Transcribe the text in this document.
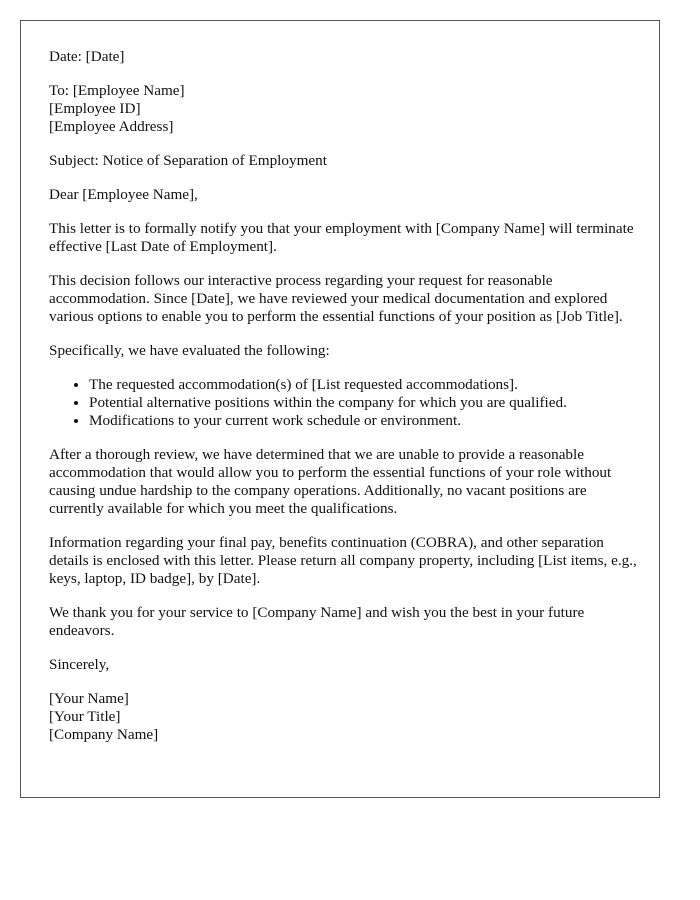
Date: [Date]

To: [Employee Name]
[Employee ID]
[Employee Address]

Subject: Notice of Separation of Employment

Dear [Employee Name],

This letter is to formally notify you that your employment with [Company Name] will terminate effective [Last Date of Employment].

This decision follows our interactive process regarding your request for reasonable accommodation. Since [Date], we have reviewed your medical documentation and explored various options to enable you to perform the essential functions of your position as [Job Title].

Specifically, we have evaluated the following:

• The requested accommodation(s) of [List requested accommodations].
• Potential alternative positions within the company for which you are qualified.
• Modifications to your current work schedule or environment.

After a thorough review, we have determined that we are unable to provide a reasonable accommodation that would allow you to perform the essential functions of your role without causing undue hardship to the company operations. Additionally, no vacant positions are currently available for which you meet the qualifications.

Information regarding your final pay, benefits continuation (COBRA), and other separation details is enclosed with this letter. Please return all company property, including [List items, e.g., keys, laptop, ID badge], by [Date].

We thank you for your service to [Company Name] and wish you the best in your future endeavors.

Sincerely,

[Your Name]
[Your Title]
[Company Name]
